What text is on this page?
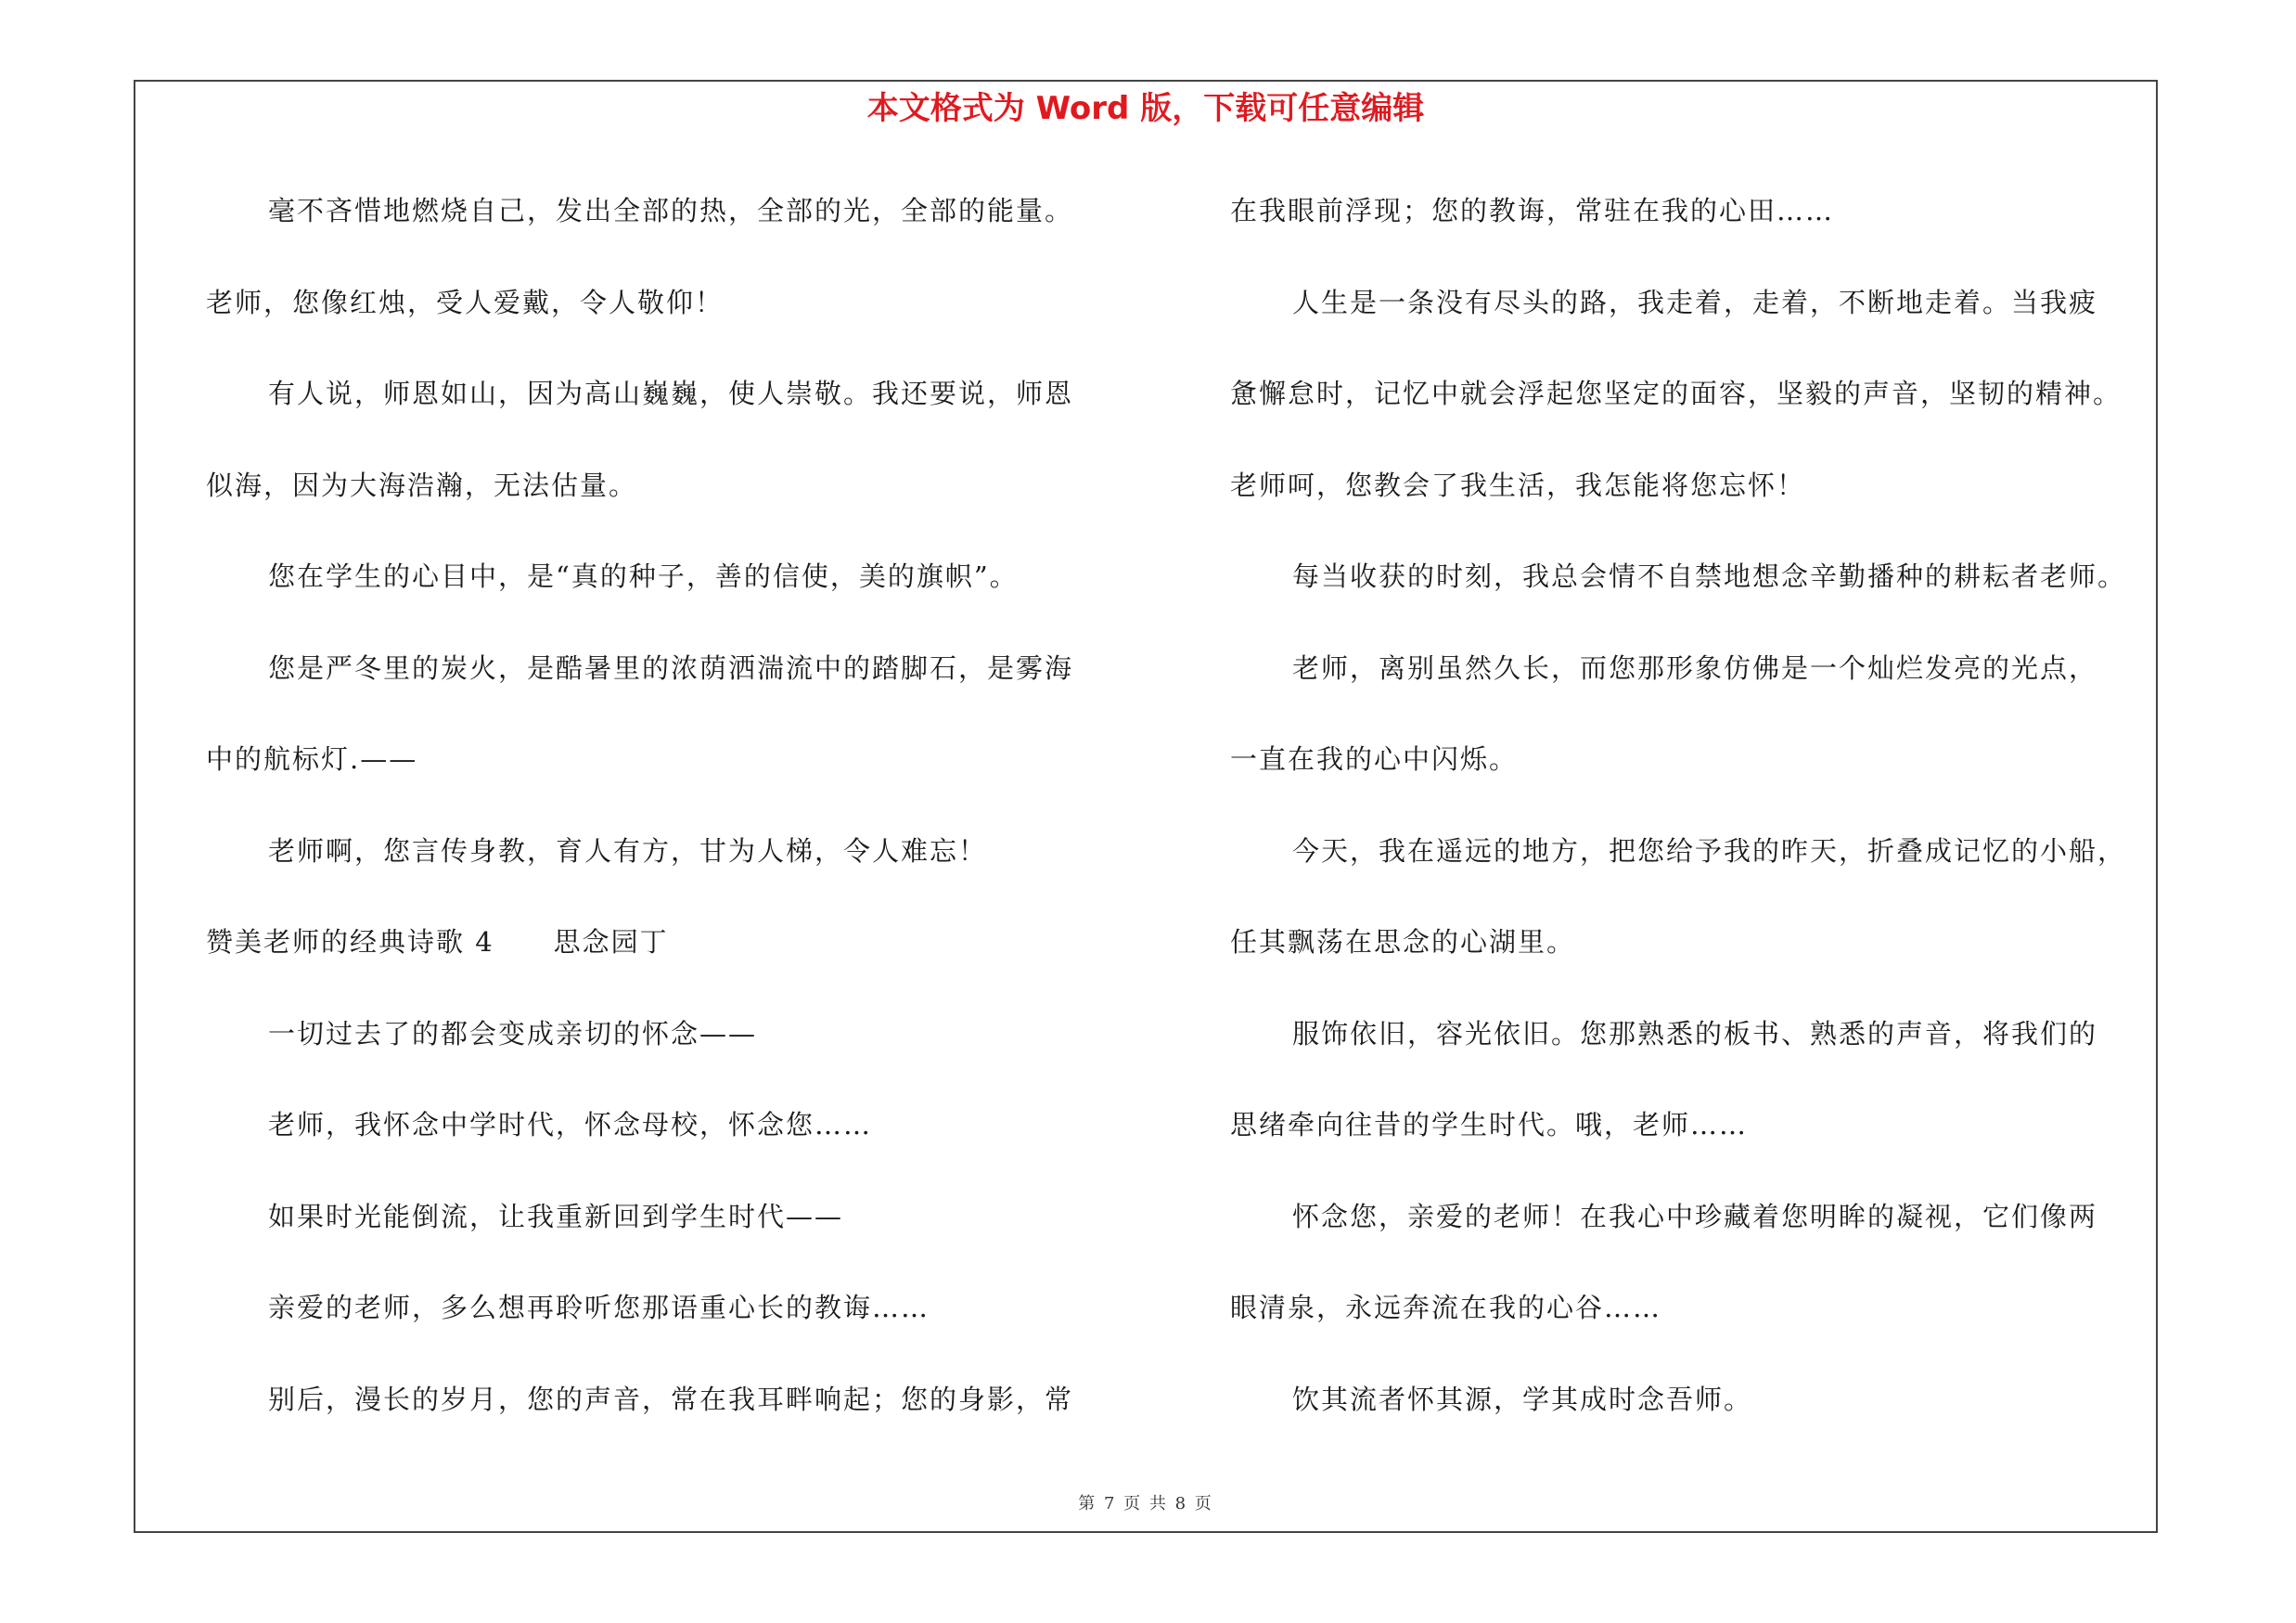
本文格式为 Word 版，下载可任意编辑
毫不吝惜地燃烧自己，发出全部的热，全部的光，全部的能量。
老师，您像红烛，受人爱戴，令人敬仰！
有人说，师恩如山，因为高山巍巍，使人崇敬。我还要说，师恩
似海，因为大海浩瀚，无法估量。
您在学生的心目中，是“真的种子，善的信使，美的旗帜”。
您是严冬里的炭火，是酷暑里的浓荫洒湍流中的踏脚石，是雾海
中的航标灯.——
老师啊，您言传身教，育人有方，甘为人梯，令人难忘！
赞美老师的经典诗歌 4 思念园丁
一切过去了的都会变成亲切的怀念——
老师，我怀念中学时代，怀念母校，怀念您……
如果时光能倒流，让我重新回到学生时代——
亲爱的老师，多么想再聆听您那语重心长的教诲……
别后，漫长的岁月，您的声音，常在我耳畔响起；您的身影，常
在我眼前浮现；您的教诲，常驻在我的心田……
人生是一条没有尽头的路，我走着，走着，不断地走着。当我疲
惫懈怠时，记忆中就会浮起您坚定的面容，坚毅的声音，坚韧的精神。
老师呵，您教会了我生活，我怎能将您忘怀！
每当收获的时刻，我总会情不自禁地想念辛勤播种的耕耘者老师。
老师，离别虽然久长，而您那形象仿佛是一个灿烂发亮的光点，
一直在我的心中闪烁。
今天，我在遥远的地方，把您给予我的昨天，折叠成记忆的小船，
任其飘荡在思念的心湖里。
服饰依旧，容光依旧。您那熟悉的板书、熟悉的声音，将我们的
思绪牵向往昔的学生时代。哦，老师……
怀念您，亲爱的老师！在我心中珍藏着您明眸的凝视，它们像两
眼清泉，永远奔流在我的心谷……
饮其流者怀其源，学其成时念吾师。
第 7 页 共 8 页
